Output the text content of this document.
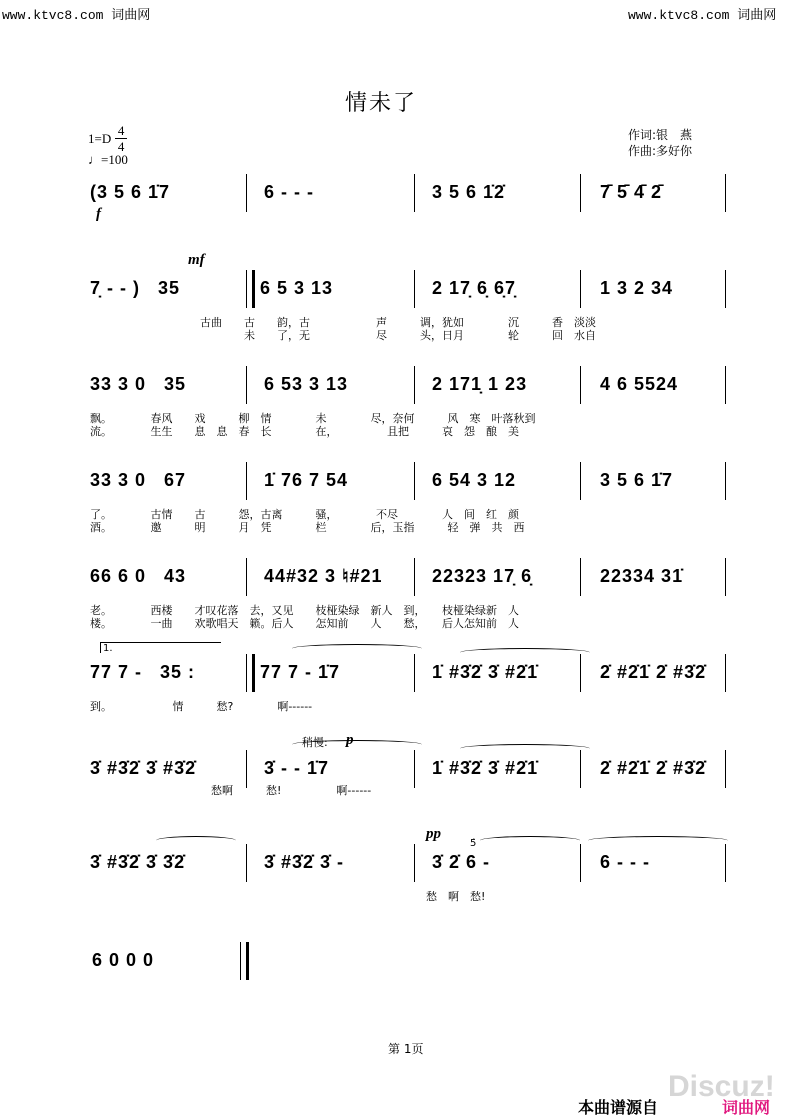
www.ktvc8.com 词曲网	www.ktvc8.com 词曲网
情未了
$1=D \frac{4}{4}$
♩=100
作词:银　燕
作曲:多好你
(3 5 6 1̇7	6 - - -	3 5 6 1̇2̇	7̄ 5̄ 4̄ 2̄
f
mf
7̣ - - )   35	6 5 3 13	2 17̣ 6̣ 6̣7̣	1 3 2 34
古曲　　古　　韵，古　　　　　　声　　　调，犹如　　　　沉　　　香　淡淡
　　　　未　　了，无　　　　　　尽　　　头，日月　　　　轮　　　回　水自
33 3 0   35	6 53 3 13	2 171̣ 1 23	4 6 5524
飘。　　　　春风　　戏　　　柳　情　　　　未　　　　尽，奈何　　　风　寒　叶落秋到
流。　　　　生生　　息　息　春　长　　　　在，　　　　　且把　　　哀　怨　酿　美
33 3 0   67	1̇ 76 7 54	6 54 3 12	3 5 6 1̇7
了。　　　　古情　　古　　　怨，古离　　　骚，　　　　不尽　　　　人　间　红　颜
酒。　　　　邀　　　明　　　月　凭　　　　栏　　　　后，玉指　　　轻　弹　共　西
66 6 0   43	44#32 3 ♮#21	22323 17̣ 6̣	22334 31̇
老。　　　　西楼　　才叹花落　去，又见　　枝桠染绿　新人　到，　　枝桠染绿新　人
楼。　　　　一曲　　欢歌唱天　籁。后人　　怎知前　　人　　愁，　　后人怎知前　人
1.
77 7 -   35 :	77 7 - 1̇7	1̇ #3̇2̇ 3̇ #2̇1̇	2̇ #2̇1̇ 2̇ #3̇2̇
到。　　　　　　情　　　愁?　　　　啊------
稍慢: p
3̇ #3̇2̇ 3̇ #3̇2̇	3̇ - - 1̇7	1̇ #3̇2̇ 3̇ #2̇1̇	2̇ #2̇1̇ 2̇ #3̇2̇
　　　　　　　　　　　愁啊　　　愁!　　　　　啊------
pp
5̇
3̇ #3̇2̇ 3̇ 3̇2̇	3̇ #3̇2̇ 3̇ -	3̇ 2̇ 6 -	6 - - -
愁　啊　愁!
6 0 0 0
第 1页
Discuz!
本曲谱源自	词曲网
